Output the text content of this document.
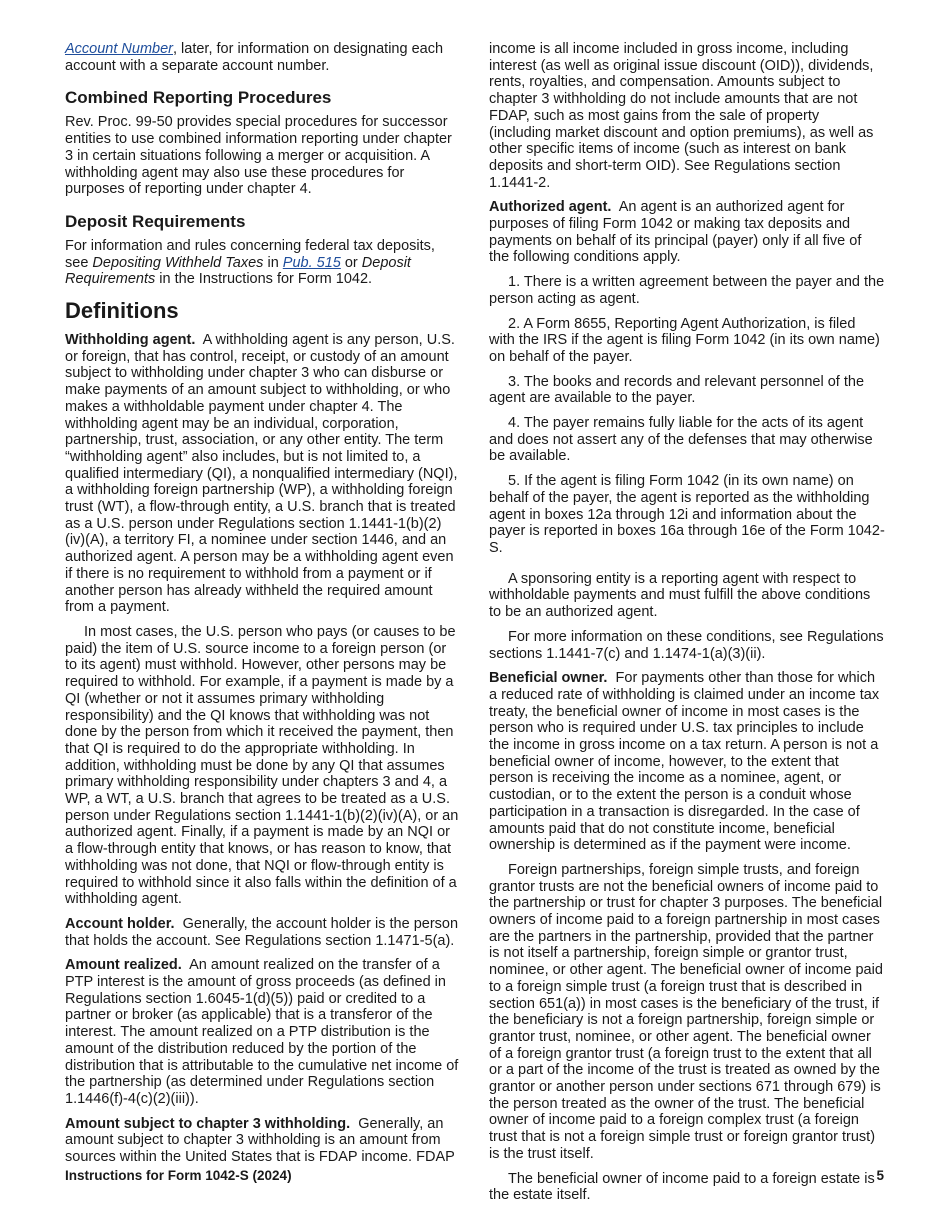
Account Number, later, for information on designating each account with a separate account number.

Combined Reporting Procedures

Rev. Proc. 99-50 provides special procedures for successor entities to use combined information reporting under chapter 3 in certain situations following a merger or acquisition. A withholding agent may also use these procedures for purposes of reporting under chapter 4.

Deposit Requirements

For information and rules concerning federal tax deposits, see Depositing Withheld Taxes in Pub. 515 or Deposit Requirements in the Instructions for Form 1042.

Definitions

Withholding agent. A withholding agent is any person, U.S. or foreign, that has control, receipt, or custody of an amount subject to withholding under chapter 3 who can disburse or make payments of an amount subject to withholding, or who makes a withholdable payment under chapter 4. The withholding agent may be an individual, corporation, partnership, trust, association, or any other entity. The term “withholding agent” also includes, but is not limited to, a qualified intermediary (QI), a nonqualified intermediary (NQI), a withholding foreign partnership (WP), a withholding foreign trust (WT), a flow-through entity, a U.S. branch that is treated as a U.S. person under Regulations section 1.1441-1(b)(2)(iv)(A), a territory FI, a nominee under section 1446, and an authorized agent. A person may be a withholding agent even if there is no requirement to withhold from a payment or if another person has already withheld the required amount from a payment.

In most cases, the U.S. person who pays (or causes to be paid) the item of U.S. source income to a foreign person (or to its agent) must withhold. However, other persons may be required to withhold. For example, if a payment is made by a QI (whether or not it assumes primary withholding responsibility) and the QI knows that withholding was not done by the person from which it received the payment, then that QI is required to do the appropriate withholding. In addition, withholding must be done by any QI that assumes primary withholding responsibility under chapters 3 and 4, a WP, a WT, a U.S. branch that agrees to be treated as a U.S. person under Regulations section 1.1441-1(b)(2)(iv)(A), or an authorized agent. Finally, if a payment is made by an NQI or a flow-through entity that knows, or has reason to know, that withholding was not done, that NQI or flow-through entity is required to withhold since it also falls within the definition of a withholding agent.

Account holder. Generally, the account holder is the person that holds the account. See Regulations section 1.1471-5(a).

Amount realized. An amount realized on the transfer of a PTP interest is the amount of gross proceeds (as defined in Regulations section 1.6045-1(d)(5)) paid or credited to a partner or broker (as applicable) that is a transferor of the interest. The amount realized on a PTP distribution is the amount of the distribution reduced by the portion of the distribution that is attributable to the cumulative net income of the partnership (as determined under Regulations section 1.1446(f)-4(c)(2)(iii)).

Amount subject to chapter 3 withholding. Generally, an amount subject to chapter 3 withholding is an amount from sources within the United States that is FDAP income. FDAP

income is all income included in gross income, including interest (as well as original issue discount (OID)), dividends, rents, royalties, and compensation. Amounts subject to chapter 3 withholding do not include amounts that are not FDAP, such as most gains from the sale of property (including market discount and option premiums), as well as other specific items of income (such as interest on bank deposits and short-term OID). See Regulations section 1.1441-2.

Authorized agent. An agent is an authorized agent for purposes of filing Form 1042 or making tax deposits and payments on behalf of its principal (payer) only if all five of the following conditions apply.

1. There is a written agreement between the payer and the person acting as agent.

2. A Form 8655, Reporting Agent Authorization, is filed with the IRS if the agent is filing Form 1042 (in its own name) on behalf of the payer.

3. The books and records and relevant personnel of the agent are available to the payer.

4. The payer remains fully liable for the acts of its agent and does not assert any of the defenses that may otherwise be available.

5. If the agent is filing Form 1042 (in its own name) on behalf of the payer, the agent is reported as the withholding agent in boxes 12a through 12i and information about the payer is reported in boxes 16a through 16e of the Form 1042-S.

A sponsoring entity is a reporting agent with respect to withholdable payments and must fulfill the above conditions to be an authorized agent.

For more information on these conditions, see Regulations sections 1.1441-7(c) and 1.1474-1(a)(3)(ii).

Beneficial owner. For payments other than those for which a reduced rate of withholding is claimed under an income tax treaty, the beneficial owner of income in most cases is the person who is required under U.S. tax principles to include the income in gross income on a tax return. A person is not a beneficial owner of income, however, to the extent that person is receiving the income as a nominee, agent, or custodian, or to the extent the person is a conduit whose participation in a transaction is disregarded. In the case of amounts paid that do not constitute income, beneficial ownership is determined as if the payment were income.

Foreign partnerships, foreign simple trusts, and foreign grantor trusts are not the beneficial owners of income paid to the partnership or trust for chapter 3 purposes. The beneficial owners of income paid to a foreign partnership in most cases are the partners in the partnership, provided that the partner is not itself a partnership, foreign simple or grantor trust, nominee, or other agent. The beneficial owner of income paid to a foreign simple trust (a foreign trust that is described in section 651(a)) in most cases is the beneficiary of the trust, if the beneficiary is not a foreign partnership, foreign simple or grantor trust, nominee, or other agent. The beneficial owner of a foreign grantor trust (a foreign trust to the extent that all or a part of the income of the trust is treated as owned by the grantor or another person under sections 671 through 679) is the person treated as the owner of the trust. The beneficial owner of income paid to a foreign complex trust (a foreign trust that is not a foreign simple trust or foreign grantor trust) is the trust itself.

The beneficial owner of income paid to a foreign estate is the estate itself.

Instructions for Form 1042-S (2024)	5
